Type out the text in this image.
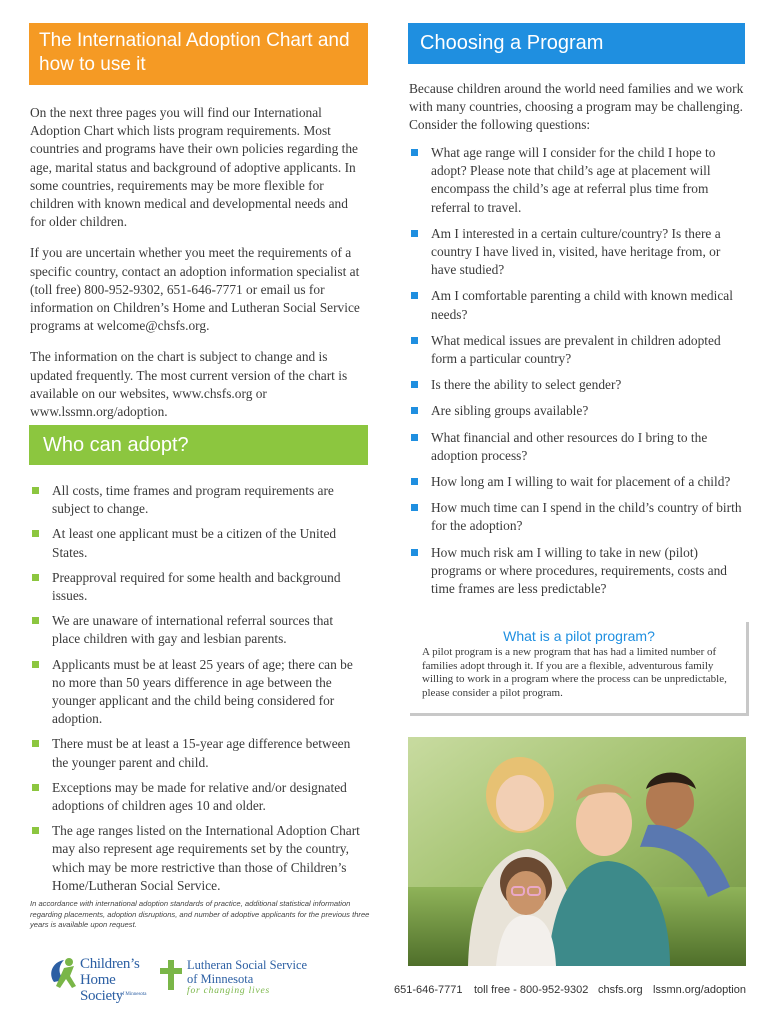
The International Adoption Chart and how to use it

On the next three pages you will find our International Adoption Chart which lists program requirements. Most countries and programs have their own policies regarding the age, marital status and background of adoptive applicants. In some countries, requirements may be more flexible for children with known medical and developmental needs and for older children.

If you are uncertain whether you meet the requirements of a specific country, contact an adoption information specialist at (toll free) 800-952-9302, 651-646-7771 or email us for information on Children’s Home and Lutheran Social Service programs at welcome@chsfs.org.

The information on the chart is subject to change and is updated frequently. The most current version of the chart is available on our websites, www.chsfs.org or www.lssmn.org/adoption.

Who can adopt?
All costs, time frames and program requirements are subject to change.
At least one applicant must be a citizen of the United States.
Preapproval required for some health and background issues.
We are unaware of international referral sources that place children with gay and lesbian parents.
Applicants must be at least 25 years of age; there can be no more than 50 years difference in age between the younger applicant and the child being considered for adoption.
There must be at least a 15-year age difference between the younger parent and child.
Exceptions may be made for relative and/or designated adoptions of children ages 10 and older.
The age ranges listed on the International Adoption Chart may also represent age requirements set by the country, which may be more restrictive than those of Children’s Home/Lutheran Social Service.
In accordance with international adoption standards of practice, additional statistical information regarding placements, adoption disruptions, and number of adoptive applicants for the previous three years is available upon request.
Children’s Home Society
of Minnesota
Lutheran Social Service
of Minnesota
for changing lives
Choosing a Program

Because children around the world need families and we work with many countries, choosing a program may be challenging. Consider the following questions:

What age range will I consider for the child I hope to adopt? Please note that child’s age at placement will encompass the child’s age at referral plus time from referral to travel.
Am I interested in a certain culture/country? Is there a country I have lived in, visited, have heritage from, or have studied?
Am I comfortable parenting a child with known medical needs?
What medical issues are prevalent in children adopted form a particular country?
Is there the ability to select gender?
Are sibling groups available?
What financial and other resources do I bring to the adoption process?
How long am I willing to wait for placement of a child?
How much time can I spend in the child’s country of birth for the adoption?
How much risk am I willing to take in new (pilot) programs or where procedures, requirements, costs and time frames are less predictable?
What is a pilot program?
A pilot program is a new program that has had a limited number of families adopt through it. If you are a flexible, adventurous family willing to work in a program where the process can be unpredictable, please consider a pilot program.
651-646-7771 toll free - 800-952-9302 chsfs.org lssmn.org/adoption
